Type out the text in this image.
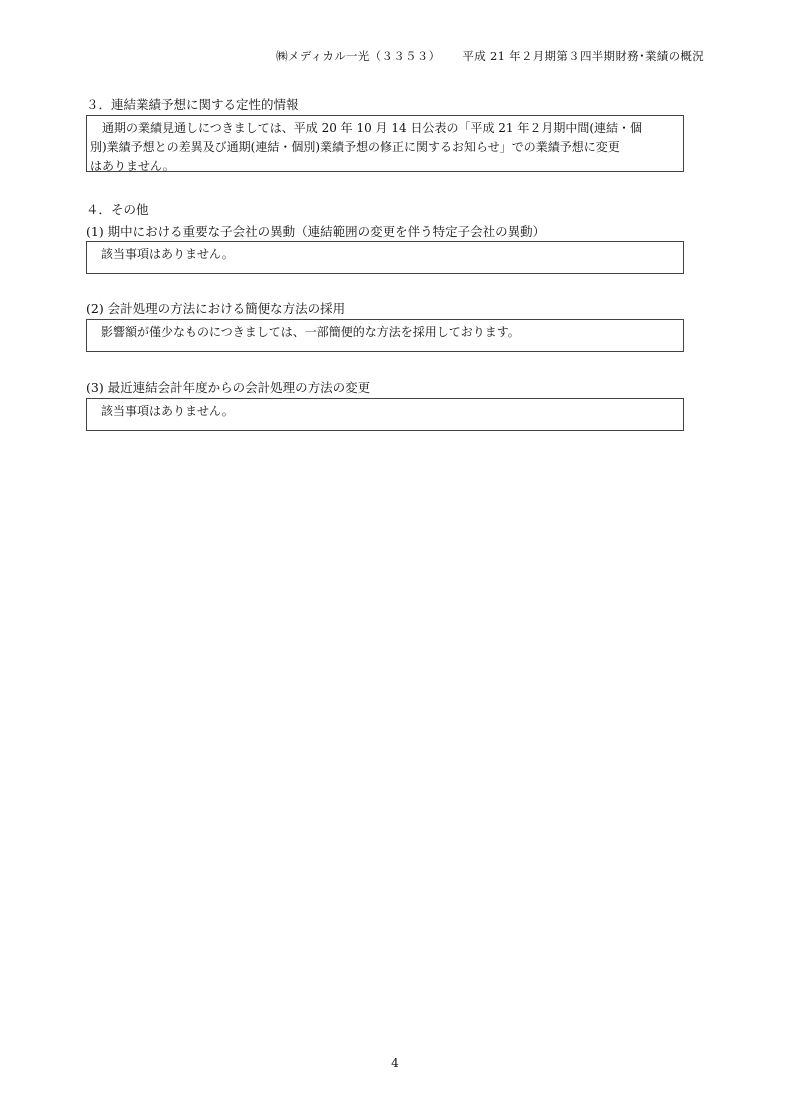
㈱メディカル一光（３３５３） 平成 21 年２月期第３四半期財務･業績の概況
３．連結業績予想に関する定性的情報

　通期の業績見通しにつきましては、平成 20 年 10 月 14 日公表の「平成 21 年２月期中間(連結・個

別)業績予想との差異及び通期(連結・個別)業績予想の修正に関するお知らせ」での業績予想に変更

はありません。

４．その他
(1) 期中における重要な子会社の異動（連結範囲の変更を伴う特定子会社の異動）

該当事項はありません。

(2) 会計処理の方法における簡便な方法の採用

影響額が僅少なものにつきましては、一部簡便的な方法を採用しております。

(3) 最近連結会計年度からの会計処理の方法の変更

該当事項はありません。

4
